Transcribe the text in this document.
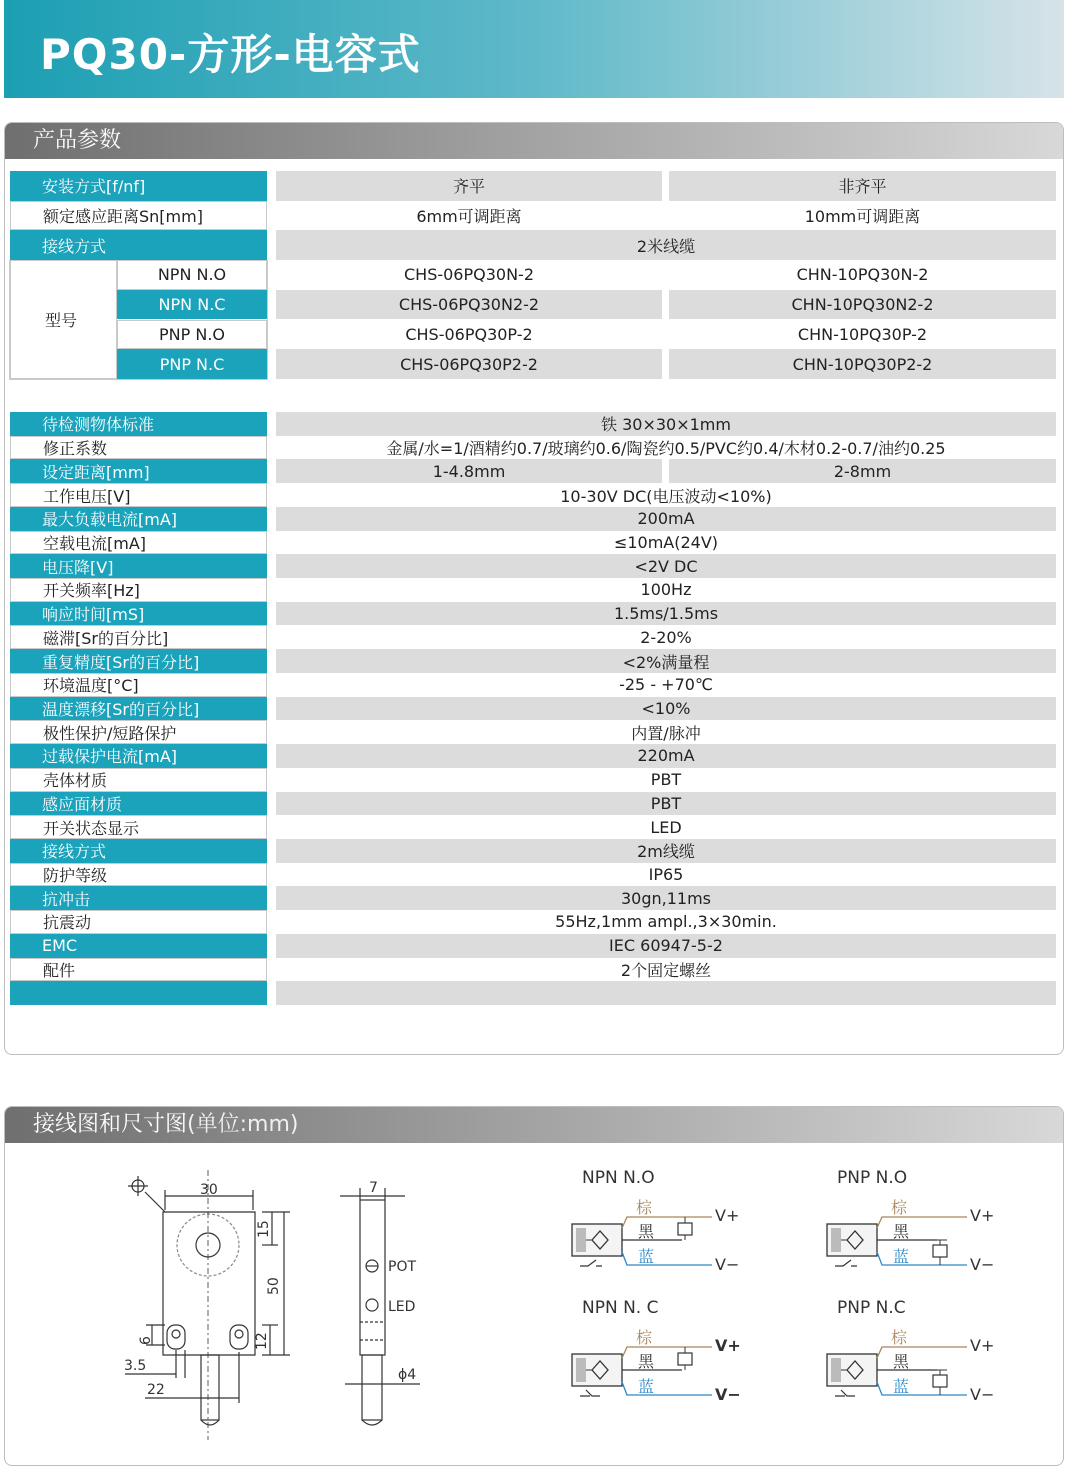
PQ30-方形-电容式
产品参数
接线图和尺寸图(单位:mm)
30
15
50
12
6
3.5
22
7
POT
LED
ϕ4
NPN N.O
棕
黑
蓝
V+
V−
PNP N.O
棕
黑
蓝
V+
V−
NPN N. C
棕
黑
蓝
V+
V−
PNP N.C
棕
黑
蓝
V+
V−
安装方式[f/nf]	齐平	非齐平
额定感应距离Sn[mm]	6mm可调距离	10mm可调距离
接线方式	2米线缆
型号
NPN N.O	CHS-06PQ30N-2	CHN-10PQ30N-2
NPN N.C	CHS-06PQ30N2-2	CHN-10PQ30N2-2
PNP N.O	CHS-06PQ30P-2	CHN-10PQ30P-2
PNP N.C	CHS-06PQ30P2-2	CHN-10PQ30P2-2
待检测物体标准	铁 30×30×1mm
修正系数	金属/水=1/酒精约0.7/玻璃约0.6/陶瓷约0.5/PVC约0.4/木材0.2-0.7/油约0.25
设定距离[mm]	1-4.8mm	2-8mm
工作电压[V]	10-30V DC(电压波动<10%)
最大负载电流[mA]	200mA
空载电流[mA]	≤10mA(24V)
电压降[V]	<2V DC
开关频率[Hz]	100Hz
响应时间[mS]	1.5ms/1.5ms
磁滞[Sr的百分比]	2-20%
重复精度[Sr的百分比]	<2%满量程
环境温度[°C]	-25 - +70℃
温度漂移[Sr的百分比]	<10%
极性保护/短路保护	内置/脉冲
过载保护电流[mA]	220mA
壳体材质	PBT
感应面材质	PBT
开关状态显示	LED
接线方式	2m线缆
防护等级	IP65
抗冲击	30gn,11ms
抗震动	55Hz,1mm ampl.,3×30min.
EMC	IEC 60947-5-2
配件	2个固定螺丝
